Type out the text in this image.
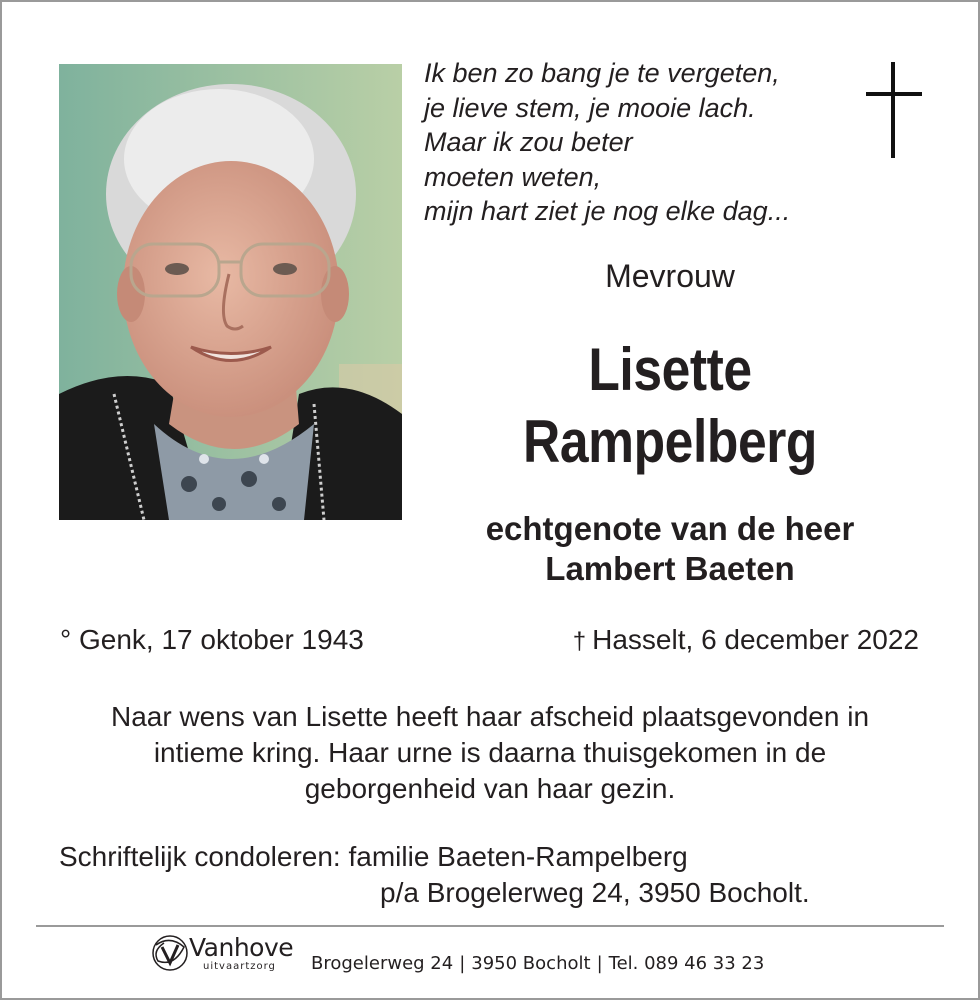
Ik ben zo bang je te vergeten,
je lieve stem, je mooie lach.
Maar ik zou beter
moeten weten,
mijn hart ziet je nog elke dag...
Mevrouw
Lisette
Rampelberg
echtgenote van de heer
Lambert Baeten
° Genk, 17 oktober 1943	† Hasselt, 6 december 2022
Naar wens van Lisette heeft haar afscheid plaatsgevonden in
intieme kring. Haar urne is daarna thuisgekomen in de
geborgenheid van haar gezin.
Schriftelijk condoleren: familie Baeten-Rampelberg
p/a Brogelerweg 24, 3950 Bocholt.
Vanhove
uitvaartzorg Brogelerweg 24 | 3950 Bocholt | Tel. 089 46 33 23
